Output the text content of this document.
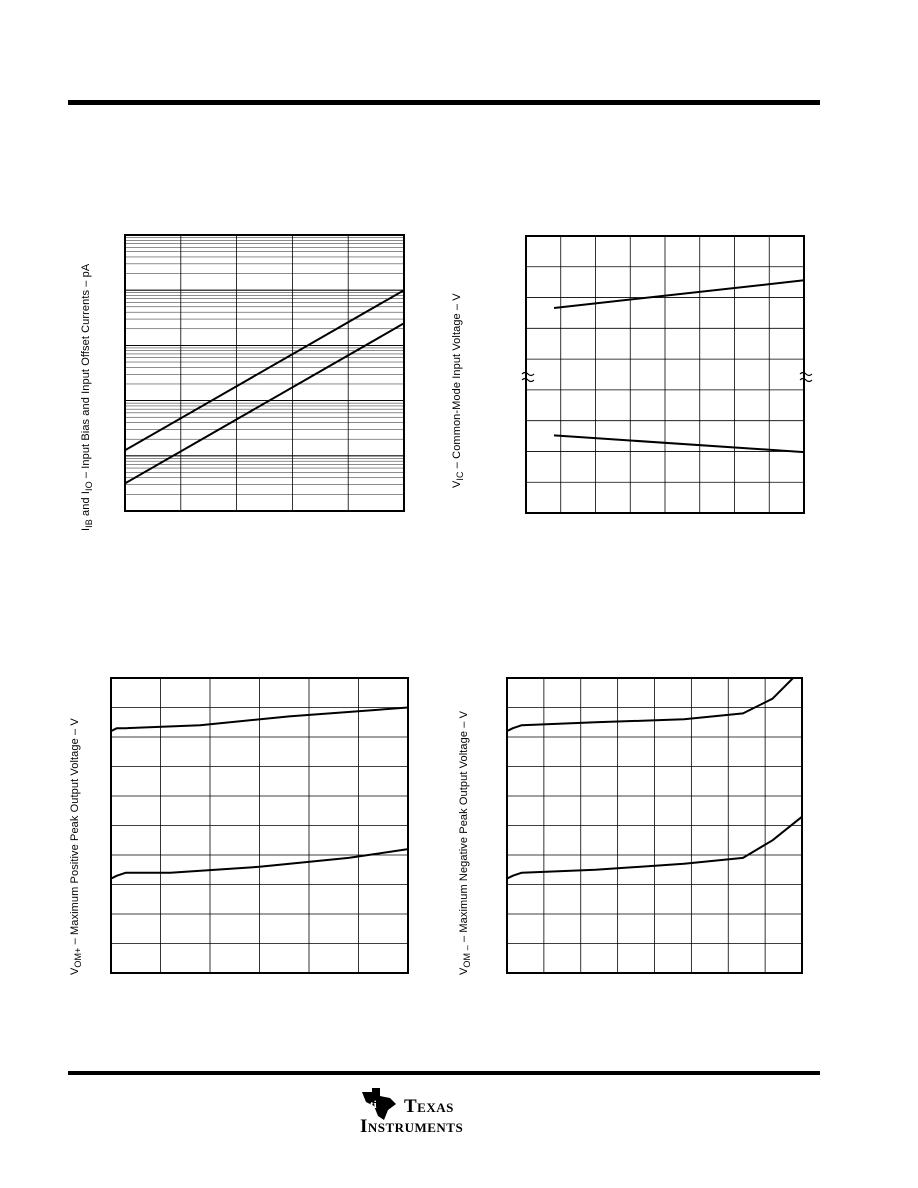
$I_{IB}$ and $I_{IO}$ – Input Bias and Input Offset Currents – pA
$V_{IC}$ – Common-Mode Input Voltage – V
$V_{OM+}$ – Maximum Positive Peak Output Voltage – V
$V_{OM -}$ – Maximum Negative Peak Output Voltage – V
ti Texas
Instruments
